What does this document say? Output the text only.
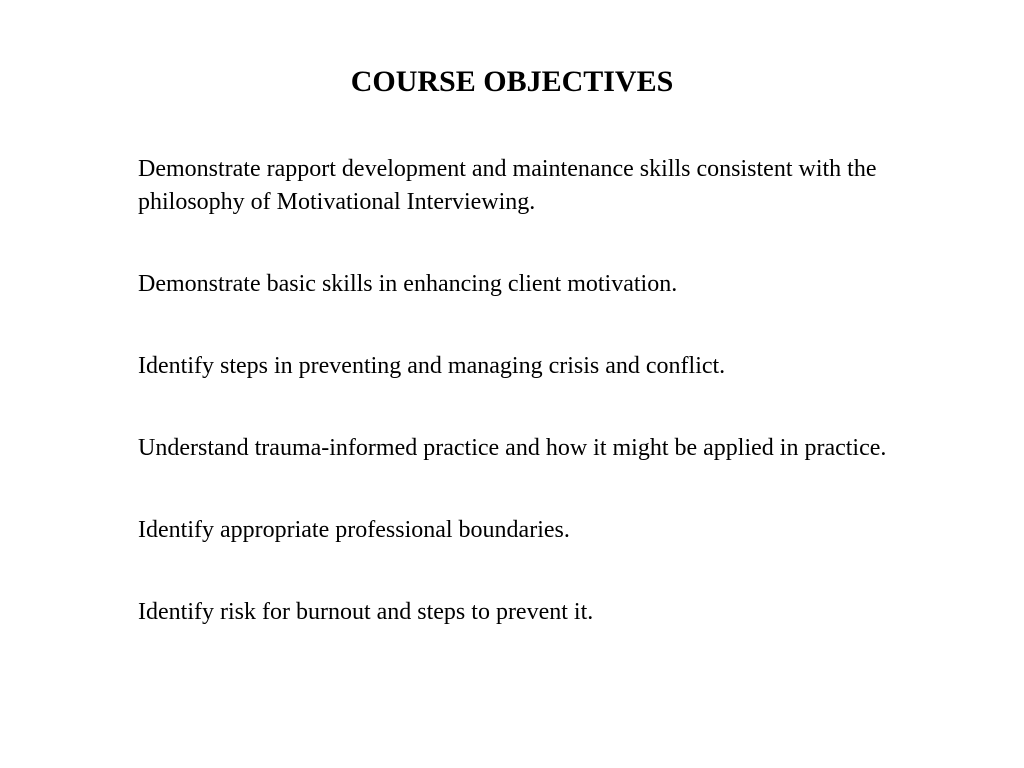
COURSE OBJECTIVES
Demonstrate rapport development and maintenance skills consistent with the philosophy of Motivational Interviewing.
Demonstrate basic skills in enhancing client motivation.
Identify steps in preventing and managing crisis and conflict.
Understand trauma-informed practice and how it might be applied in practice.
Identify appropriate professional boundaries.
Identify risk for burnout and steps to prevent it.
